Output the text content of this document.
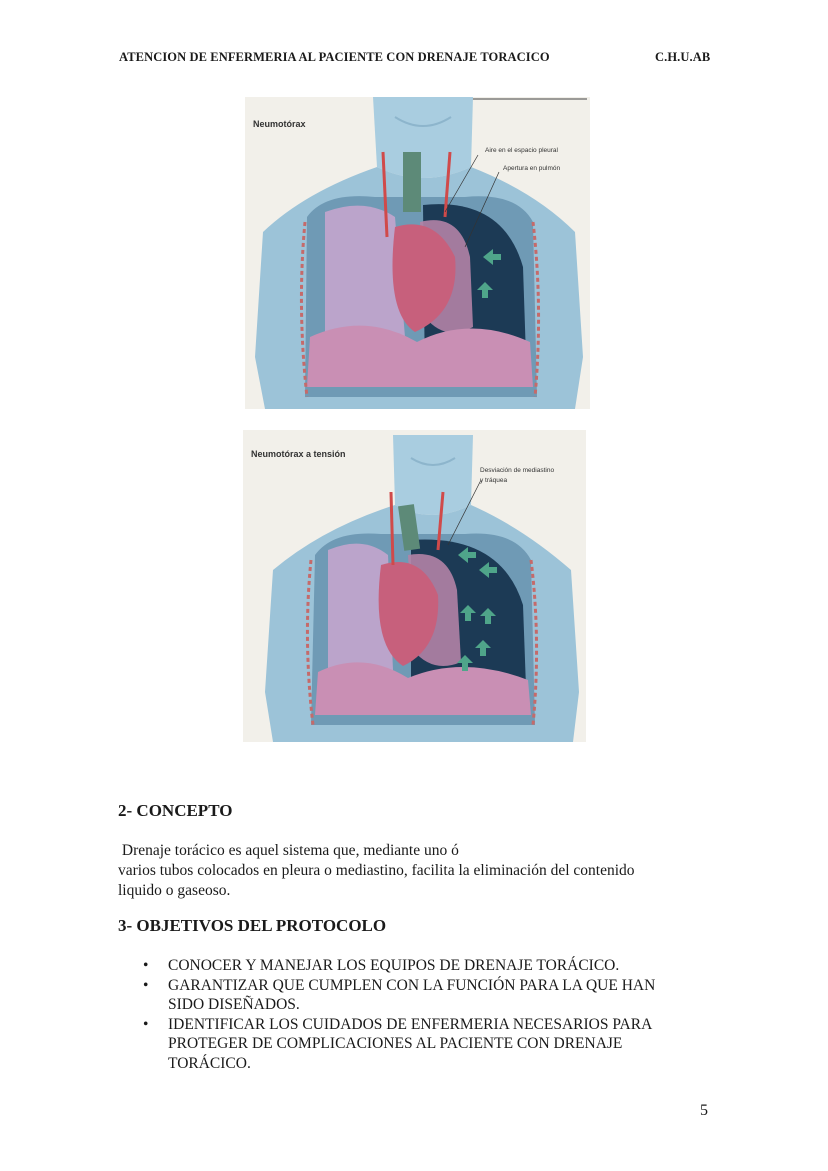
ATENCION DE ENFERMERIA AL PACIENTE CON DRENAJE TORACICO	C.H.U.AB
Neumotórax
Aire en el espacio pleural
Apertura en pulmón
Neumotórax a tensión
Desviación de mediastino
y tráquea
2- CONCEPTO
Drenaje torácico es aquel sistema que, mediante uno ó
varios tubos colocados en pleura o mediastino, facilita la eliminación del contenido
liquido o gaseoso.
3- OBJETIVOS DEL PROTOCOLO
• CONOCER Y MANEJAR LOS EQUIPOS DE DRENAJE TORÁCICO.
• GARANTIZAR QUE CUMPLEN CON LA FUNCIÓN PARA LA QUE HAN
SIDO DISEÑADOS.
• IDENTIFICAR LOS CUIDADOS DE ENFERMERIA NECESARIOS PARA
PROTEGER DE COMPLICACIONES AL PACIENTE CON DRENAJE
TORÁCICO.
5
